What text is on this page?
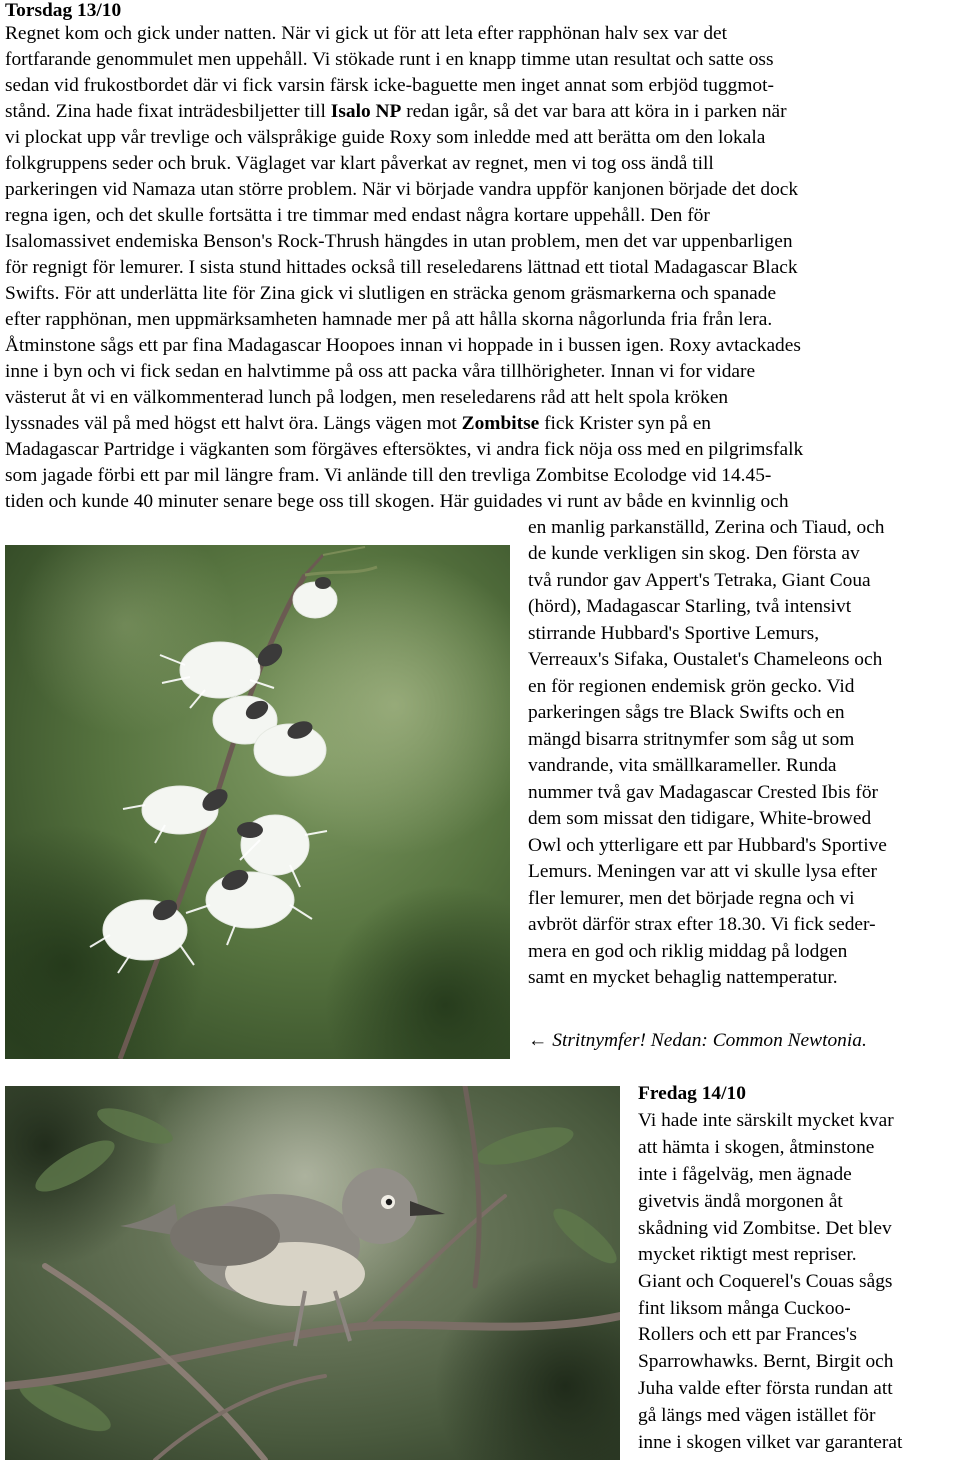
Torsdag 13/10
Regnet kom och gick under natten. När vi gick ut för att leta efter rapphönan halv sex var det
fortfarande genommulet men uppehåll. Vi stökade runt i en knapp timme utan resultat och satte oss
sedan vid frukostbordet där vi fick varsin färsk icke-baguette men inget annat som erbjöd tuggmot-
stånd. Zina hade fixat inträdesbiljetter till Isalo NP redan igår, så det var bara att köra in i parken när
vi plockat upp vår trevlige och välspråkige guide Roxy som inledde med att berätta om den lokala
folkgruppens seder och bruk. Väglaget var klart påverkat av regnet, men vi tog oss ändå till
parkeringen vid Namaza utan större problem. När vi började vandra uppför kanjonen började det dock
regna igen, och det skulle fortsätta i tre timmar med endast några kortare uppehåll. Den för
Isalomassivet endemiska Benson's Rock-Thrush hängdes in utan problem, men det var uppenbarligen
för regnigt för lemurer. I sista stund hittades också till reseledarens lättnad ett tiotal Madagascar Black
Swifts. För att underlätta lite för Zina gick vi slutligen en sträcka genom gräsmarkerna och spanade
efter rapphönan, men uppmärksamheten hamnade mer på att hålla skorna någorlunda fria från lera.
Åtminstone sågs ett par fina Madagascar Hoopoes innan vi hoppade in i bussen igen. Roxy avtackades
inne i byn och vi fick sedan en halvtimme på oss att packa våra tillhörigheter. Innan vi for vidare
västerut åt vi en välkommenterad lunch på lodgen, men reseledarens råd att helt spola kröken
lyssnades väl på med högst ett halvt öra. Längs vägen mot Zombitse fick Krister syn på en
Madagascar Partridge i vägkanten som förgäves eftersöktes, vi andra fick nöja oss med en pilgrimsfalk
som jagade förbi ett par mil längre fram. Vi anlände till den trevliga Zombitse Ecolodge vid 14.45-
tiden och kunde 40 minuter senare bege oss till skogen. Här guidades vi runt av både en kvinnlig och
en manlig parkanställd, Zerina och Tiaud, och
de kunde verkligen sin skog. Den första av
två rundor gav Appert's Tetraka, Giant Coua
(hörd), Madagascar Starling, två intensivt
stirrande Hubbard's Sportive Lemurs,
Verreaux's Sifaka, Oustalet's Chameleons och
en för regionen endemisk grön gecko. Vid
parkeringen sågs tre Black Swifts och en
mängd bisarra stritnymfer som såg ut som
vandrande, vita smällkarameller. Runda
nummer två gav Madagascar Crested Ibis för
dem som missat den tidigare, White-browed
Owl och ytterligare ett par Hubbard's Sportive
Lemurs. Meningen var att vi skulle lysa efter
fler lemurer, men det började regna och vi
avbröt därför strax efter 18.30. Vi fick seder-
mera en god och riklig middag på lodgen
samt en mycket behaglig nattemperatur.
← Stritnymfer! Nedan: Common Newtonia.
Fredag 14/10
Vi hade inte särskilt mycket kvar
att hämta i skogen, åtminstone
inte i fågelväg, men ägnade
givetvis ändå morgonen åt
skådning vid Zombitse. Det blev
mycket riktigt mest repriser.
Giant och Coquerel's Couas sågs
fint liksom många Cuckoo-
Rollers och ett par Frances's
Sparrowhawks. Bernt, Birgit och
Juha valde efter första rundan att
gå längs med vägen istället för
inne i skogen vilket var garanterat
